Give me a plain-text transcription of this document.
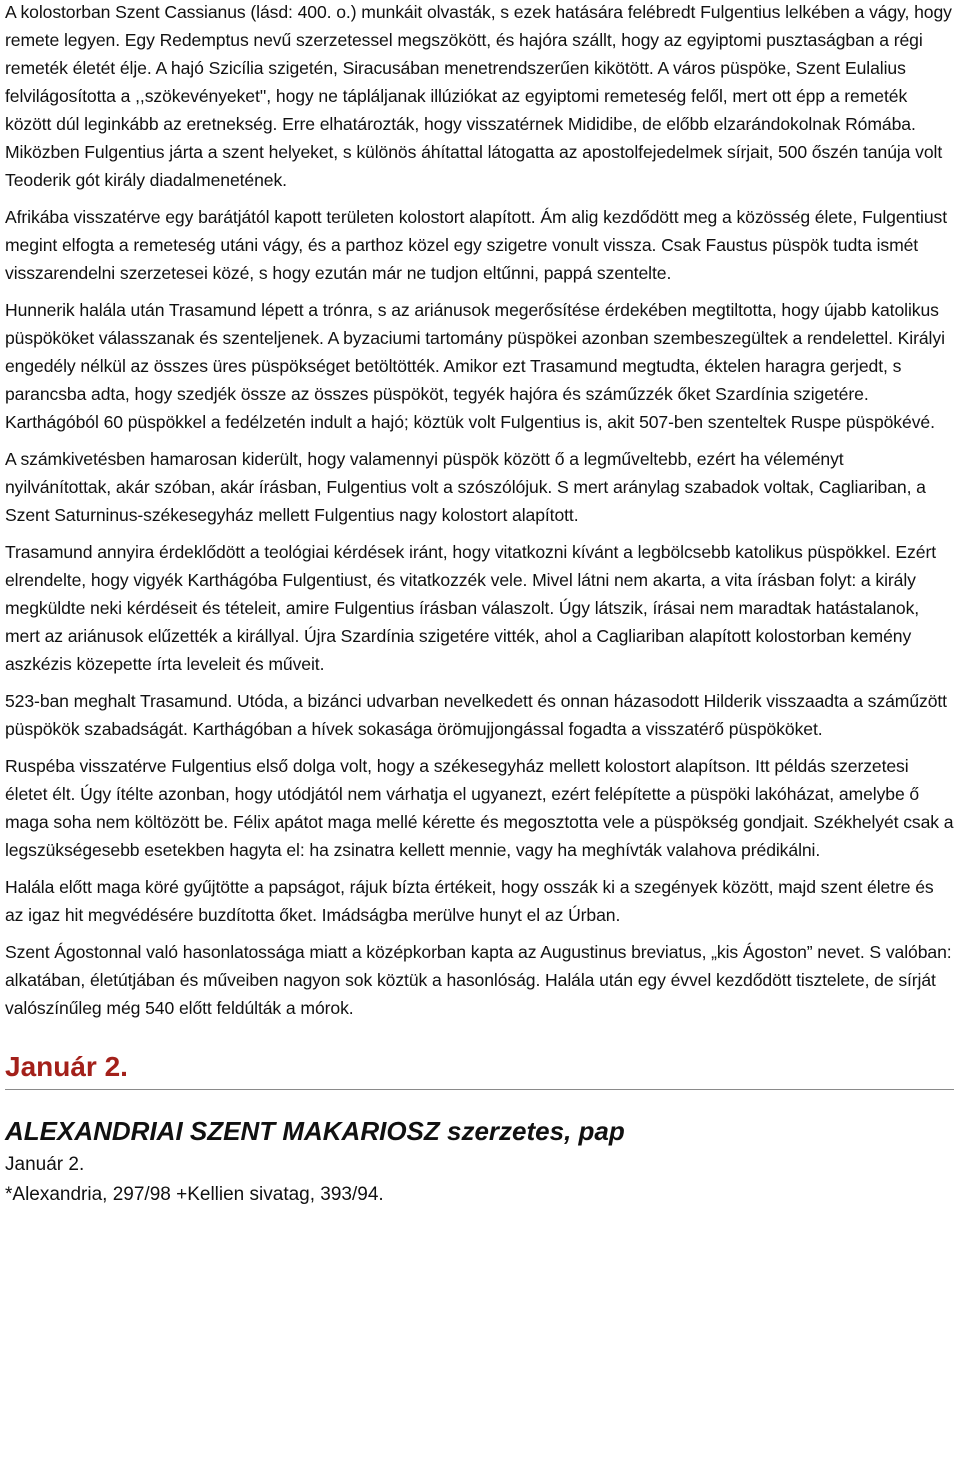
A kolostorban Szent Cassianus (lásd: 400. o.) munkáit olvasták, s ezek hatására felébredt Fulgentius lelkében a vágy, hogy remete legyen. Egy Redemptus nevű szerzetessel megszökött, és hajóra szállt, hogy az egyiptomi pusztaságban a régi remeték életét élje. A hajó Szicília szigetén, Siracusában menetrendszerűen kikötött. A város püspöke, Szent Eulalius felvilágosította a ,,szökevényeket'', hogy ne tápláljanak illúziókat az egyiptomi remeteség felől, mert ott épp a remeték között dúl leginkább az eretnekség. Erre elhatározták, hogy visszatérnek Mididibe, de előbb elzarándokolnak Rómába. Miközben Fulgentius járta a szent helyeket, s különös áhítattal látogatta az apostolfejedelmek sírjait, 500 őszén tanúja volt Teoderik gót király diadalmenetének.

Afrikába visszatérve egy barátjától kapott területen kolostort alapított. Ám alig kezdődött meg a közösség élete, Fulgentiust megint elfogta a remeteség utáni vágy, és a parthoz közel egy szigetre vonult vissza. Csak Faustus püspök tudta ismét visszarendelni szerzetesei közé, s hogy ezután már ne tudjon eltűnni, pappá szentelte.

Hunnerik halála után Trasamund lépett a trónra, s az ariánusok megerősítése érdekében megtiltotta, hogy újabb katolikus püspököket válasszanak és szenteljenek. A byzaciumi tartomány püspökei azonban szembeszegültek a rendelettel. Királyi engedély nélkül az összes üres püspökséget betöltötték. Amikor ezt Trasamund megtudta, éktelen haragra gerjedt, s parancsba adta, hogy szedjék össze az összes püspököt, tegyék hajóra és száműzzék őket Szardínia szigetére. Karthágóból 60 püspökkel a fedélzetén indult a hajó; köztük volt Fulgentius is, akit 507-ben szenteltek Ruspe püspökévé.

A számkivetésben hamarosan kiderült, hogy valamennyi püspök között ő a legműveltebb, ezért ha véleményt nyilvánítottak, akár szóban, akár írásban, Fulgentius volt a szószólójuk. S mert aránylag szabadok voltak, Cagliariban, a Szent Saturninus-székesegyház mellett Fulgentius nagy kolostort alapított.

Trasamund annyira érdeklődött a teológiai kérdések iránt, hogy vitatkozni kívánt a legbölcsebb katolikus püspökkel. Ezért elrendelte, hogy vigyék Karthágóba Fulgentiust, és vitatkozzék vele. Mivel látni nem akarta, a vita írásban folyt: a király megküldte neki kérdéseit és tételeit, amire Fulgentius írásban válaszolt. Úgy látszik, írásai nem maradtak hatástalanok, mert az ariánusok elűzették a királlyal. Újra Szardínia szigetére vitték, ahol a Cagliariban alapított kolostorban kemény aszkézis közepette írta leveleit és műveit.

523-ban meghalt Trasamund. Utóda, a bizánci udvarban nevelkedett és onnan házasodott Hilderik visszaadta a száműzött püspökök szabadságát. Karthágóban a hívek sokasága örömujjongással fogadta a visszatérő püspököket.

Ruspéba visszatérve Fulgentius első dolga volt, hogy a székesegyház mellett kolostort alapítson. Itt példás szerzetesi életet élt. Úgy ítélte azonban, hogy utódjától nem várhatja el ugyanezt, ezért felépítette a püspöki lakóházat, amelybe ő maga soha nem költözött be. Félix apátot maga mellé kérette és megosztotta vele a püspökség gondjait. Székhelyét csak a legszükségesebb esetekben hagyta el: ha zsinatra kellett mennie, vagy ha meghívták valahova prédikálni.

Halála előtt maga köré gyűjtötte a papságot, rájuk bízta értékeit, hogy osszák ki a szegények között, majd szent életre és az igaz hit megvédésére buzdította őket. Imádságba merülve hunyt el az Úrban.

Szent Ágostonnal való hasonlatossága miatt a középkorban kapta az Augustinus breviatus, „kis Ágoston” nevet. S valóban: alkatában, életútjában és műveiben nagyon sok köztük a hasonlóság. Halála után egy évvel kezdődött tisztelete, de sírját valószínűleg még 540 előtt feldúlták a mórok.

Január 2.
ALEXANDRIAI SZENT MAKARIOSZ szerzetes, pap

Január 2.

*Alexandria, 297/98 +Kellien sivatag, 393/94.
